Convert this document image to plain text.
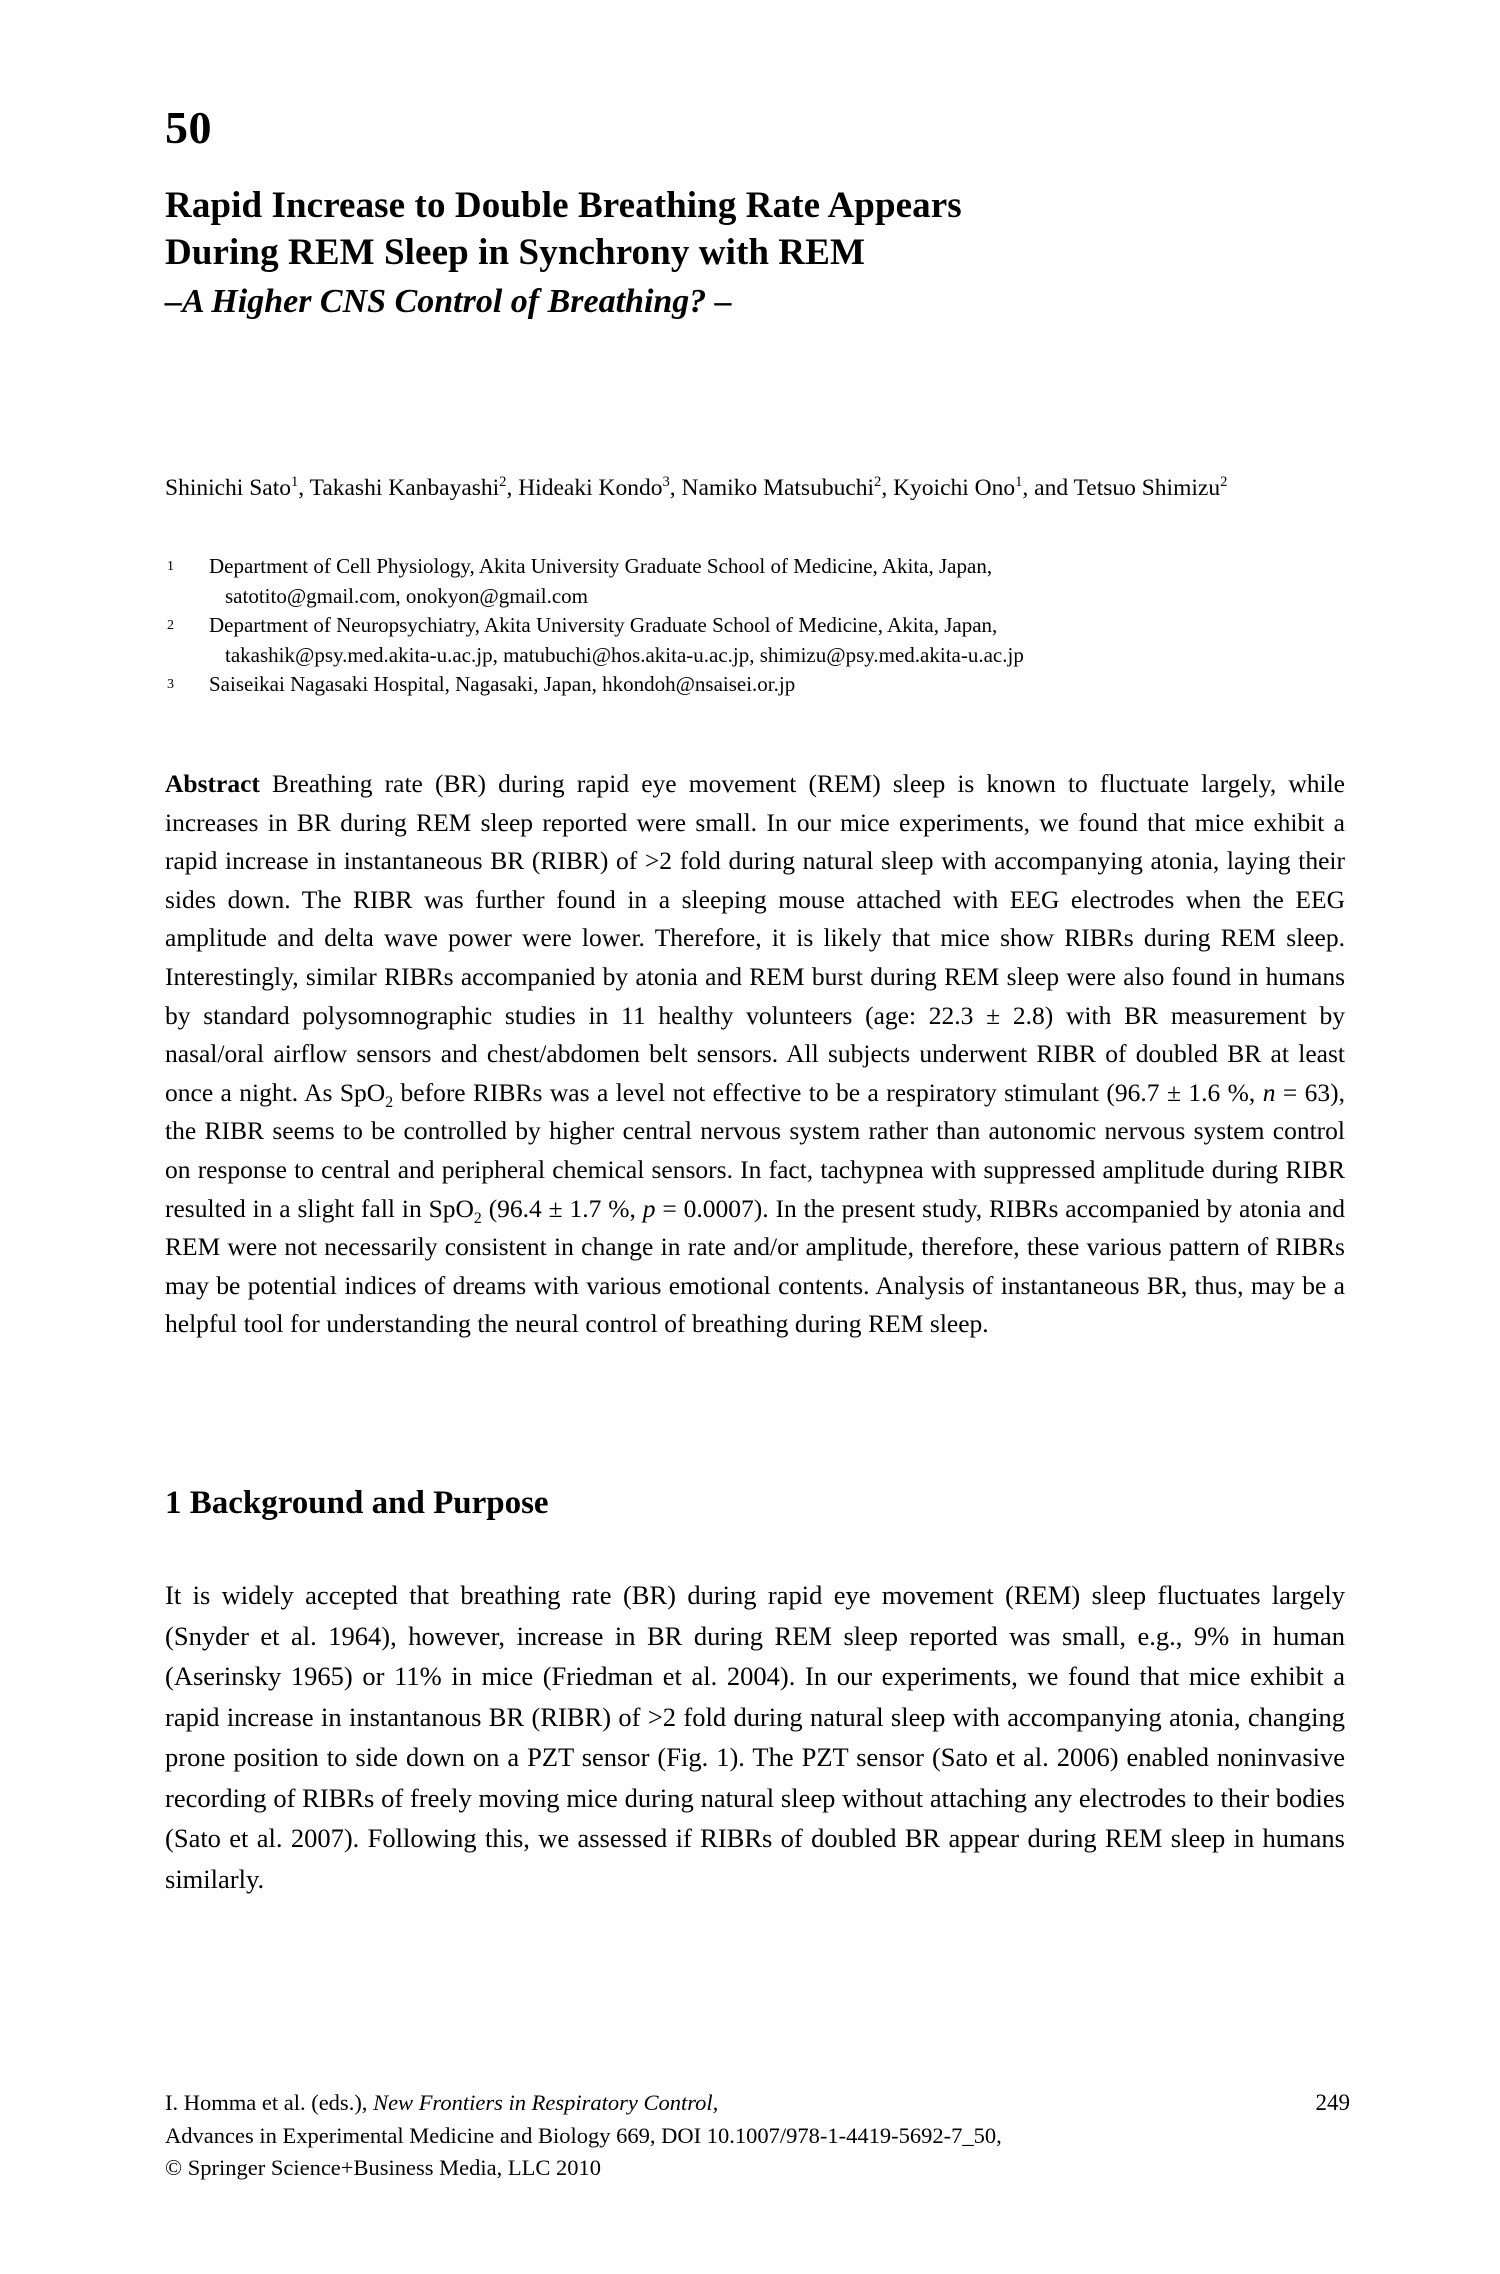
50
Rapid Increase to Double Breathing Rate Appears
During REM Sleep in Synchrony with REM
–A Higher CNS Control of Breathing? –
Shinichi Sato$^1$, Takashi Kanbayashi$^2$, Hideaki Kondo$^3$, Namiko Matsubuchi$^2$, Kyoichi Ono$^1$, and Tetsuo Shimizu$^2$
1 Department of Cell Physiology, Akita University Graduate School of Medicine, Akita, Japan,
satotito@gmail.com, onokyon@gmail.com
2 Department of Neuropsychiatry, Akita University Graduate School of Medicine, Akita, Japan,
takashik@psy.med.akita-u.ac.jp, matubuchi@hos.akita-u.ac.jp, shimizu@psy.med.akita-u.ac.jp
3 Saiseikai Nagasaki Hospital, Nagasaki, Japan, hkondoh@nsaisei.or.jp
Abstract Breathing rate (BR) during rapid eye movement (REM) sleep is known to fluctuate largely, while increases in BR during REM sleep reported were small. In our mice experiments, we found that mice exhibit a rapid increase in instantaneous BR (RIBR) of >2 fold during natural sleep with accompanying atonia, laying their sides down. The RIBR was further found in a sleeping mouse attached with EEG electrodes when the EEG amplitude and delta wave power were lower. Therefore, it is likely that mice show RIBRs during REM sleep. Interestingly, similar RIBRs accompanied by atonia and REM burst during REM sleep were also found in humans by standard polysomnographic studies in 11 healthy volunteers (age: 22.3 ± 2.8) with BR measurement by nasal/oral airflow sensors and chest/abdomen belt sensors. All subjects underwent RIBR of doubled BR at least once a night. As SpO$_2$ before RIBRs was a level not effective to be a respiratory stimulant (96.7 ± 1.6 %, n = 63), the RIBR seems to be controlled by higher central nervous system rather than autonomic nervous system control on response to central and peripheral chemical sensors. In fact, tachypnea with suppressed amplitude during RIBR resulted in a slight fall in SpO$_2$ (96.4 ± 1.7 %, p = 0.0007). In the present study, RIBRs accompanied by atonia and REM were not necessarily consistent in change in rate and/or amplitude, therefore, these various pattern of RIBRs may be potential indices of dreams with various emotional contents. Analysis of instantaneous BR, thus, may be a helpful tool for understanding the neural control of breathing during REM sleep.
1 Background and Purpose
It is widely accepted that breathing rate (BR) during rapid eye movement (REM) sleep fluctuates largely (Snyder et al. 1964), however, increase in BR during REM sleep reported was small, e.g., 9% in human (Aserinsky 1965) or 11% in mice (Friedman et al. 2004). In our experiments, we found that mice exhibit a rapid increase in instantanous BR (RIBR) of >2 fold during natural sleep with accompanying atonia, changing prone position to side down on a PZT sensor (Fig. 1). The PZT sensor (Sato et al. 2006) enabled noninvasive recording of RIBRs of freely moving mice during natural sleep without attaching any electrodes to their bodies (Sato et al. 2007). Following this, we assessed if RIBRs of doubled BR appear during REM sleep in humans similarly.
I. Homma et al. (eds.), New Frontiers in Respiratory Control,	249
Advances in Experimental Medicine and Biology 669, DOI 10.1007/978-1-4419-5692-7_50,
© Springer Science+Business Media, LLC 2010
